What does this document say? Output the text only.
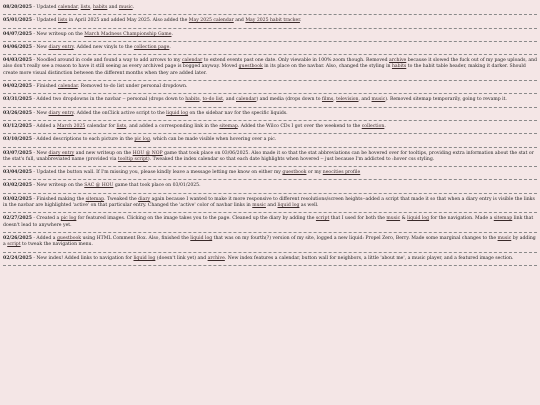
08/20/2025 - Updated calendar, lists, habits and music.
05/01/2025 - Updated lists in April 2025 and added May 2025. Also added the May 2025 calendar and May 2025 habit tracker.
04/07/2025 - New writeup on the March Madness Championship Game.
04/06/2025 - New diary entry. Added new vinyls to the collection page.
04/03/2025 - Noodled around in code and found a way to add arrows to my calendar to extend events past one date. Only viewable in 100% zoom though. Removed archive because it slowed the fuck out of my page uploads, and also don't really see a reason to have it still seeing as every archived page is bogged anyway. Moved guestbook in its place on the navbar. Also, changed the styling in habits to the habit table header, making it darker. Should create more visual distinction between the different months when they are added later.
04/02/2025 - Finished calendar. Removed to-do list under personal dropdown.
03/31/2025 - Added two dropdowns in the navbar -- personal (drops down to habits, to-do list, and calendar) and media (drops down to films, television, and music). Removed sitemap temporarily, going to revamp it.
03/26/2025 - New diary entry. Added the onClick active script to the liquid log on the sidebar nav for the specific liquids.
03/12/2025 - Added a March 2025 calendar for lists, and added a corresponding link in the sitemap. Added the Wilco CDs I got over the weekend to the collection.
03/10/2025 - Added descriptions to each picture in the pic log, which can be made visible when hovering over a pic.
03/07/2025 - New diary entry and new writeup on the HOU @ NOP game that took place on 03/06/2025. Also made it so that the stat abbreviations can be hovered over for tooltips, providing extra information about the stat or the stat's full, unabbreviated name (provided via tooltip script). Tweaked the index calendar so that each date highlights when hovered -- just because I'm addicted to :hover css styling.
03/04/2025 - Updated the button wall. If I'm missing you, please kindly leave a message letting me know on either my guestbook or my neocities profile
03/02/2025 - New writeup on the SAC @ HOU game that took place on 03/01/2025.
03/02/2025 - Finished making the sitemap. Tweaked the diary again because I wanted to make it more responsive to different resolutions/screen heights--added a script that made it so that when a diary entry is visible the links in the navbar are highlighted 'active' on that particular entry. Changed the 'active' color of navbar links in music and liquid log as well.
02/27/2025 - Created a pic log for featured images. Clicking on the image takes you to the page. Cleaned up the diary by adding the script that I used for both the music & liquid log for the navigation. Made a sitemap link that doesn't lead to anywhere yet.
02/26/2025 - Added a guestbook using HTML Comment Box. Also, finished the liquid log that was on my fourth(?) version of my site, logged a new liquid: Propel Zero, Berry. Made some marginal changes to the music by adding a script to tweak the navigation menu.
02/24/2025 - New index! Added links to navigation for liquid log (doesn't link yet) and archive. New index features a calendar, button wall for neighbors, a little 'about me', a music player, and a featured image section.
